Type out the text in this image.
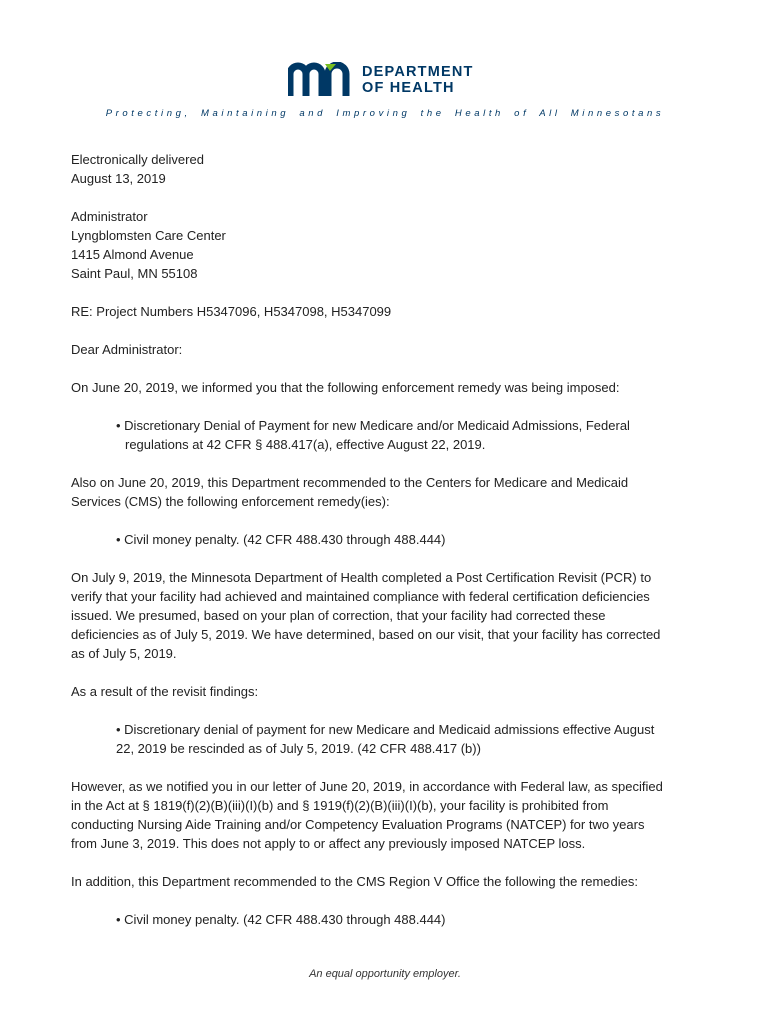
DEPARTMENT
OF HEALTH
Protecting, Maintaining and Improving the Health of All Minnesotans
Electronically delivered
August 13, 2019
Administrator
Lyngblomsten Care Center
1415 Almond Avenue
Saint Paul, MN 55108
RE: Project Numbers H5347096, H5347098, H5347099
Dear Administrator:
On June 20, 2019, we informed you that the following enforcement remedy was being imposed:
• Discretionary Denial of Payment for new Medicare and/or Medicaid Admissions, Federal
regulations at 42 CFR § 488.417(a), effective August 22, 2019.
Also on June 20, 2019, this Department recommended to the Centers for Medicare and Medicaid
Services (CMS) the following enforcement remedy(ies):
• Civil money penalty. (42 CFR 488.430 through 488.444)
On July 9, 2019, the Minnesota Department of Health completed a Post Certification Revisit (PCR) to
verify that your facility had achieved and maintained compliance with federal certification deficiencies
issued. We presumed, based on your plan of correction, that your facility had corrected these
deficiencies as of July 5, 2019. We have determined, based on our visit, that your facility has corrected
as of July 5, 2019.
As a result of the revisit findings:
• Discretionary denial of payment for new Medicare and Medicaid admissions effective August
22, 2019 be rescinded as of July 5, 2019. (42 CFR 488.417 (b))
However, as we notified you in our letter of June 20, 2019, in accordance with Federal law, as specified
in the Act at § 1819(f)(2)(B)(iii)(I)(b) and § 1919(f)(2)(B)(iii)(I)(b), your facility is prohibited from
conducting Nursing Aide Training and/or Competency Evaluation Programs (NATCEP) for two years
from June 3, 2019. This does not apply to or affect any previously imposed NATCEP loss.
In addition, this Department recommended to the CMS Region V Office the following the remedies:
• Civil money penalty. (42 CFR 488.430 through 488.444)
An equal opportunity employer.
